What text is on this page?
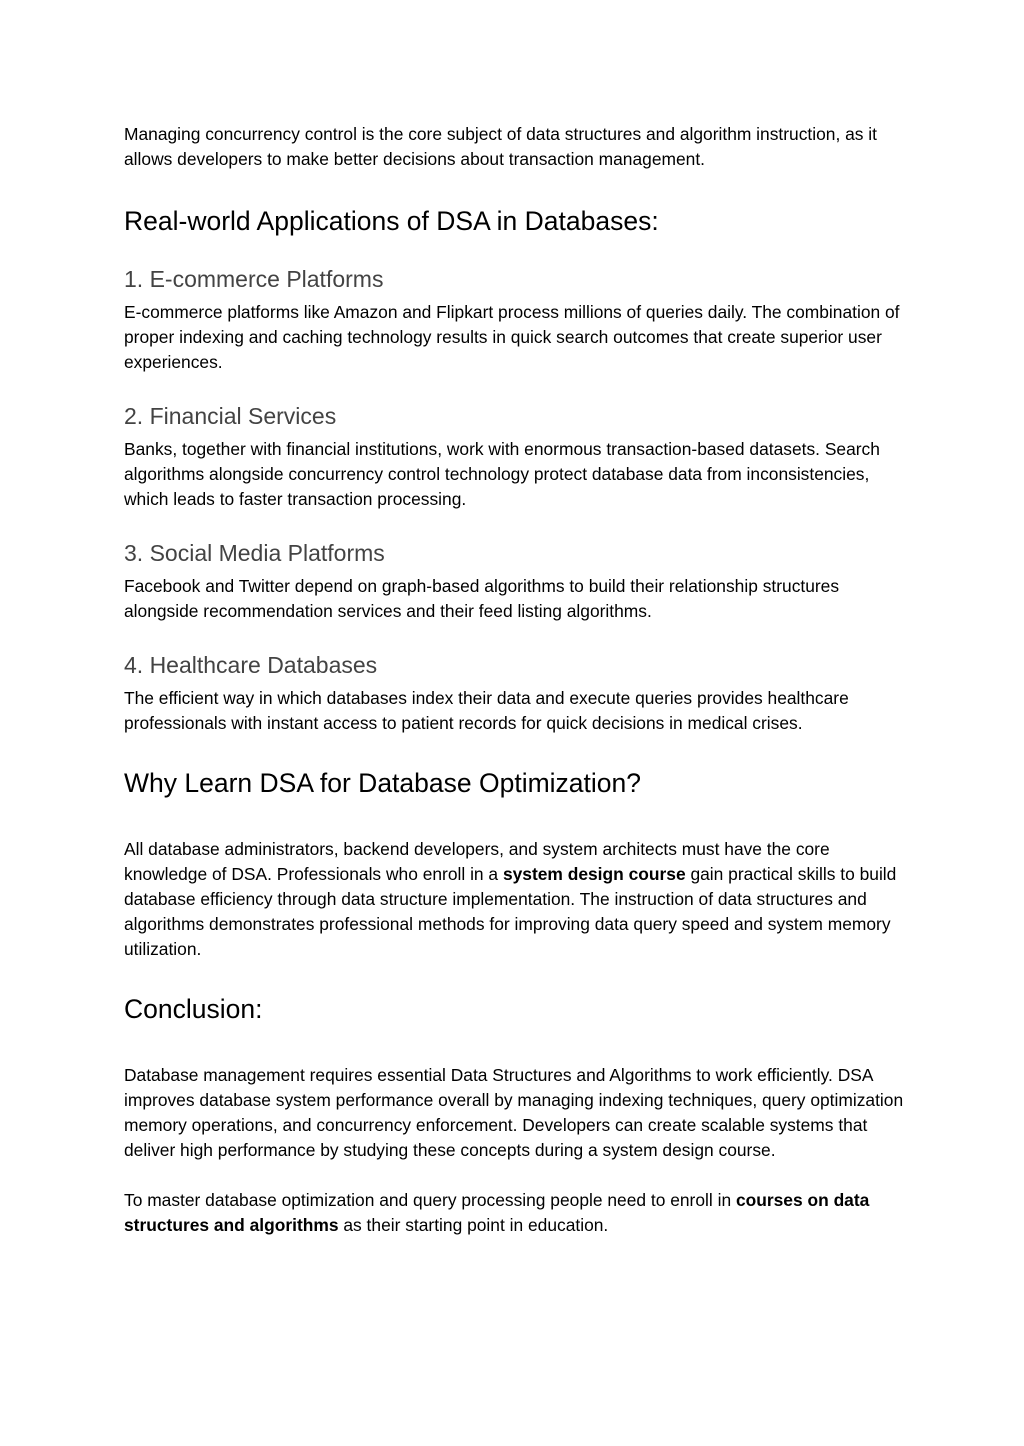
Managing concurrency control is the core subject of data structures and algorithm instruction, as it allows developers to make better decisions about transaction management.

Real-world Applications of DSA in Databases:
1. E-commerce Platforms

E-commerce platforms like Amazon and Flipkart process millions of queries daily. The combination of proper indexing and caching technology results in quick search outcomes that create superior user experiences.

2. Financial Services

Banks, together with financial institutions, work with enormous transaction-based datasets. Search algorithms alongside concurrency control technology protect database data from inconsistencies, which leads to faster transaction processing.

3. Social Media Platforms

Facebook and Twitter depend on graph-based algorithms to build their relationship structures alongside recommendation services and their feed listing algorithms.

4. Healthcare Databases

The efficient way in which databases index their data and execute queries provides healthcare professionals with instant access to patient records for quick decisions in medical crises.

Why Learn DSA for Database Optimization?

All database administrators, backend developers, and system architects must have the core knowledge of DSA. Professionals who enroll in a system design course gain practical skills to build database efficiency through data structure implementation. The instruction of data structures and algorithms demonstrates professional methods for improving data query speed and system memory utilization.

Conclusion:

Database management requires essential Data Structures and Algorithms to work efficiently. DSA improves database system performance overall by managing indexing techniques, query optimization memory operations, and concurrency enforcement. Developers can create scalable systems that deliver high performance by studying these concepts during a system design course.

To master database optimization and query processing people need to enroll in courses on data structures and algorithms as their starting point in education.
